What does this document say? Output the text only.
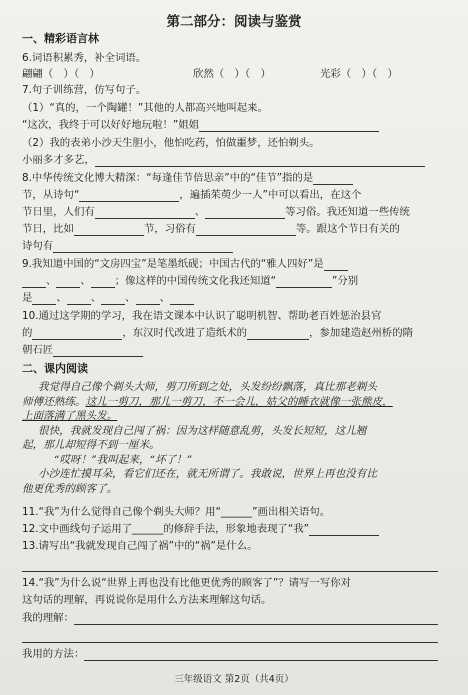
第二部分：阅读与鉴赏
一、精彩语言林
6.词语积累秀，补全词语。
翩翩（　）（　）	欣然（　）（　）	光彩（　）（　）
7.句子训练营，仿写句子。
（1）“真的，一个陶罐！”其他的人都高兴地叫起来。
“这次，我终于可以好好地玩啦！”姐姐
（2）我的表弟小沙天生胆小，他怕吃药，怕做噩梦，还怕剃头。
小丽多才多艺，
8.中华传统文化博大精深：“每逢佳节倍思亲”中的“佳节”指的是
节，从诗句“	，遍插茱萸少一人”中可以看出，在这个
节日里，人们有	、	等习俗。我还知道一些传统
节日，比如	节，习俗有	等。跟这个节日有关的
诗句有
9.我知道中国的“文房四宝”是笔墨纸砚；中国古代的“雅人四好”是
、 、 ；像这样的中国传统文化我还知道“	”分别
是 、 、 、 、
10.通过这学期的学习，我在语文课本中认识了聪明机智、帮助老百姓惩治县官
的	，东汉时代改进了造纸术的	，参加建造赵州桥的隋
朝石匠
二、课内阅读
我觉得自己像个剃头大师，剪刀所到之处，头发纷纷飘落，真比那老剃头
师傅还熟练。这儿一剪刀，那儿一剪刀，不一会儿，姑父的睡衣就像一张熊皮，
上面落满了黑头发。
很快，我就发现自己闯了祸：因为这样随意乱剪，头发长短短，这儿翘
起，那儿却短得不到一厘米。
“哎呀！”我叫起来，“坏了！”
小沙连忙摸耳朵，看它们还在，就无所谓了。我敢说，世界上再也没有比
他更优秀的顾客了。
11.“我”为什么觉得自己像个剃头大师？用“______”画出相关语句。
12.文中画线句子运用了______的修辞手法，形象地表现了“我”
13.请写出“我就发现自己闯了祸”中的“祸”是什么。
14.“我”为什么说“世界上再也没有比他更优秀的顾客了”？请写一写你对
这句话的理解，再说说你是用什么方法来理解这句话。
我的理解：
我用的方法：
三年级语文 第2页（共4页）
